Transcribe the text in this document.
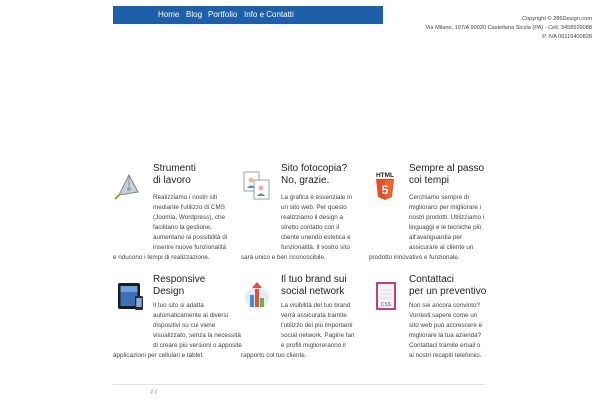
Home Blog Portfolio Info e Contatti	Copyright © 286Design.com
Via Milano, 107/A 90020 Castellana Sicula (PA) - Cell. 3458929088
P. IVA 06116400828
Strumenti
di lavoro
Realizziamo i nostri siti mediante l'utilizzo di CMS (Joomla, Wordpress), che facilitano la gestione, aumentano la possibilità di inserire nuove funzionalità
e riducono i tempi di realizzazione.
Sito fotocopia?
No, grazie.
La grafica è essenziale in un sito web. Per questo realizziamo il design a stretto contatto con il cliente unendo estetica e funzionalità. Il vostro sito
sarà unico e ben riconoscibile.
HTML
5
Sempre al passo
coi tempi
Cerchiamo sempre di migliorarci per migliorare i nostri prodotti. Utilizziamo i linguaggi e le tecniche più all'avanguardia per assicurare al cliente un
prodotto innovativo e funzionale.
Responsive
Design
Il tuo sito si adatta automaticamente ai diversi dispositivi su cui viene visualizzato, senza la necessità di creare più versioni o apposite
applicazioni per cellulari e tablet.
Il tuo brand sui
social network
La visibilità del tuo brand verrà assicurata tramite l'utilizzo dei più importanti social network. Pagine fan e profili miglioreranno il
rapporto col tuo cliente.
CSS
Contattaci
per un preventivo
Non sei ancora convinto? Vorresti sapere come un sito web può accrescere e migliorare la tua azienda? Contattaci tramite email o ai nostri recapiti telefonici.
“
